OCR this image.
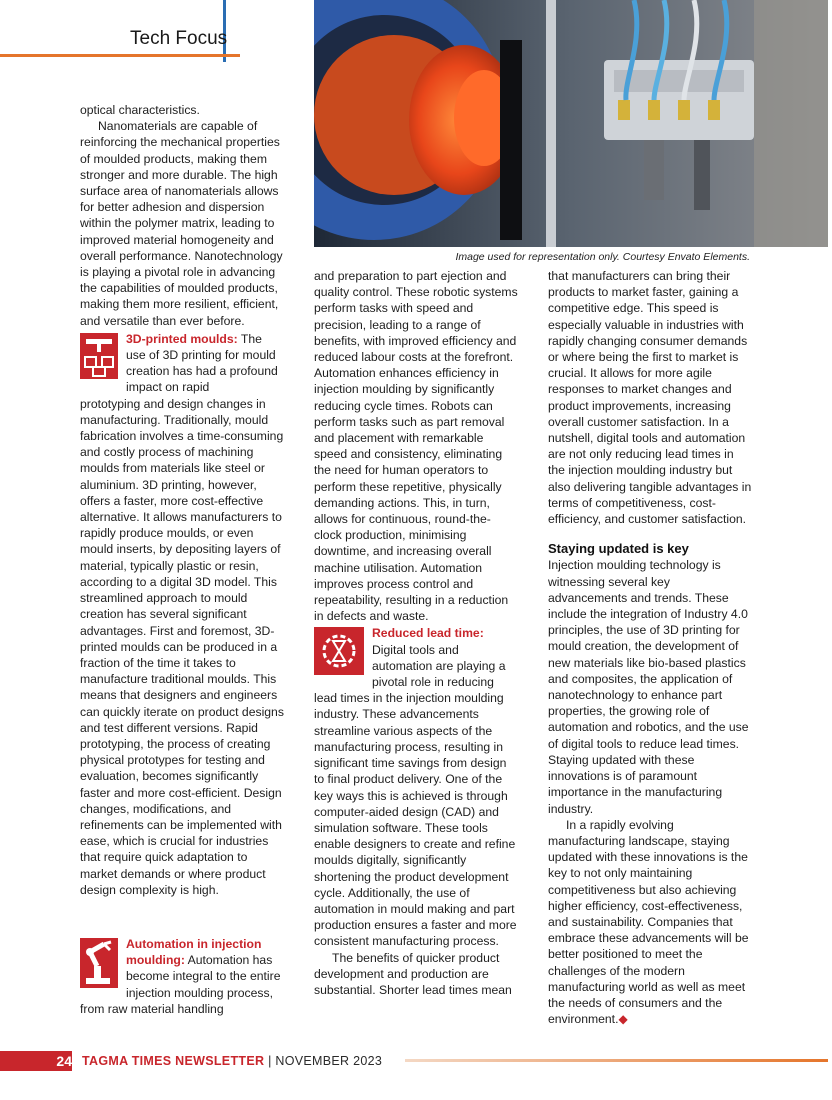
Tech Focus
Image used for representation only. Courtesy Envato Elements.

optical characteristics.

Nanomaterials are capable of reinforcing the mechanical properties of moulded products, making them stronger and more durable. The high surface area of nanomaterials allows for better adhesion and dispersion within the polymer matrix, leading to improved material homogeneity and overall performance. Nanotechnology is playing a pivotal role in advancing the capabilities of moulded products, making them more resilient, efficient, and versatile than ever before.

3D-printed moulds: The use of 3D printing for mould creation has had a profound impact on rapid

prototyping and design changes in manufacturing. Traditionally, mould fabrication involves a time-consuming and costly process of machining moulds from materials like steel or aluminium. 3D printing, however, offers a faster, more cost-effective alternative. It allows manufacturers to rapidly produce moulds, or even mould inserts, by depositing layers of material, typically plastic or resin, according to a digital 3D model. This streamlined approach to mould creation has several significant advantages. First and foremost, 3D-printed moulds can be produced in a fraction of the time it takes to manufacture traditional moulds. This means that designers and engineers can quickly iterate on product designs and test different versions. Rapid prototyping, the process of creating physical prototypes for testing and evaluation, becomes significantly faster and more cost-efficient. Design changes, modifications, and refinements can be implemented with ease, which is crucial for industries that require quick adaptation to market demands or where product design complexity is high.

Automation in injection moulding: Automation has become integral to the entire injection moulding process, from raw material handling

and preparation to part ejection and quality control. These robotic systems perform tasks with speed and precision, leading to a range of benefits, with improved efficiency and reduced labour costs at the forefront. Automation enhances efficiency in injection moulding by significantly reducing cycle times. Robots can perform tasks such as part removal and placement with remarkable speed and consistency, eliminating the need for human operators to perform these repetitive, physically demanding actions. This, in turn, allows for continuous, round-the-clock production, minimising downtime, and increasing overall machine utilisation. Automation improves process control and repeatability, resulting in a reduction in defects and waste.

Reduced lead time:
Digital tools and automation are playing a pivotal role in reducing

lead times in the injection moulding industry. These advancements streamline various aspects of the manufacturing process, resulting in significant time savings from design to final product delivery. One of the key ways this is achieved is through computer-aided design (CAD) and simulation software. These tools enable designers to create and refine moulds digitally, significantly shortening the product development cycle. Additionally, the use of automation in mould making and part production ensures a faster and more consistent manufacturing process.

The benefits of quicker product development and production are substantial. Shorter lead times mean

that manufacturers can bring their products to market faster, gaining a competitive edge. This speed is especially valuable in industries with rapidly changing consumer demands or where being the first to market is crucial. It allows for more agile responses to market changes and product improvements, increasing overall customer satisfaction. In a nutshell, digital tools and automation are not only reducing lead times in the injection moulding industry but also delivering tangible advantages in terms of competitiveness, cost-efficiency, and customer satisfaction.

Staying updated is key

Injection moulding technology is witnessing several key advancements and trends. These include the integration of Industry 4.0 principles, the use of 3D printing for mould creation, the development of new materials like bio-based plastics and composites, the application of nanotechnology to enhance part properties, the growing role of automation and robotics, and the use of digital tools to reduce lead times. Staying updated with these innovations is of paramount importance in the manufacturing industry.

In a rapidly evolving manufacturing landscape, staying updated with these innovations is the key to not only maintaining competitiveness but also achieving higher efficiency, cost-effectiveness, and sustainability. Companies that embrace these advancements will be better positioned to meet the challenges of the modern manufacturing world as well as meet the needs of consumers and the environment.◆

24 TAGMA TIMES NEWSLETTER | NOVEMBER 2023
